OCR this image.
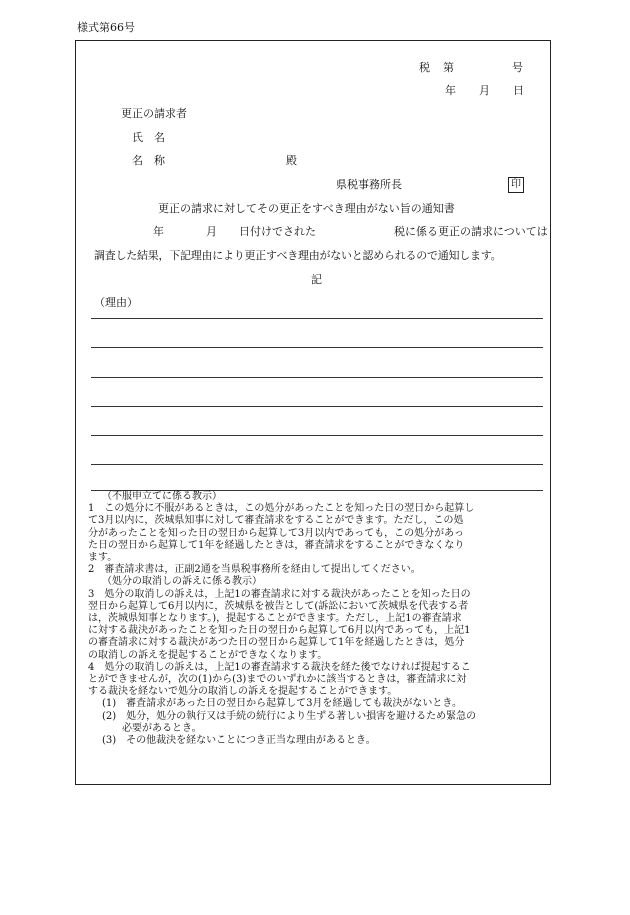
様式第66号
税 第	号
年 月 日
更正の請求者
氏　名
名　称	殿
県税事務所長	印
更正の請求に対してその更正をすべき理由がない旨の通知書
年	月 日付けでされた	税に係る更正の請求については
調査した結果，下記理由により更正すべき理由がないと認められるので通知します。
記
（理由）
（不服申立てに係る教示）
1　この処分に不服があるときは，この処分があったことを知った日の翌日から起算し
て3月以内に，茨城県知事に対して審査請求をすることができます。ただし，この処
分があったことを知った日の翌日から起算して3月以内であっても，この処分があっ
た日の翌日から起算して1年を経過したときは，審査請求をすることができなくなり
ます。
2　審査請求書は，正副2通を当県税事務所を経由して提出してください。
（処分の取消しの訴えに係る教示）
3　処分の取消しの訴えは，上記1の審査請求に対する裁決があったことを知った日の
翌日から起算して6月以内に，茨城県を被告として(訴訟において茨城県を代表する者
は，茨城県知事となります。)，提起することができます。ただし，上記1の審査請求
に対する裁決があったことを知った日の翌日から起算して6月以内であっても，上記1
の審査請求に対する裁決があつた日の翌日から起算して1年を経過したときは，処分
の取消しの訴えを提起することができなくなります。
4　処分の取消しの訴えは，上記1の審査請求する裁決を経た後でなければ提起するこ
とができませんが，次の(1)から(3)までのいずれかに該当するときは，審査請求に対
する裁決を経ないで処分の取消しの訴えを提起することができます。
(1)　審査請求があった日の翌日から起算して3月を経過しても裁決がないとき。
(2)　処分，処分の執行又は手続の続行により生ずる著しい損害を避けるため緊急の
必要があるとき。
(3)　その他裁決を経ないことにつき正当な理由があるとき。
